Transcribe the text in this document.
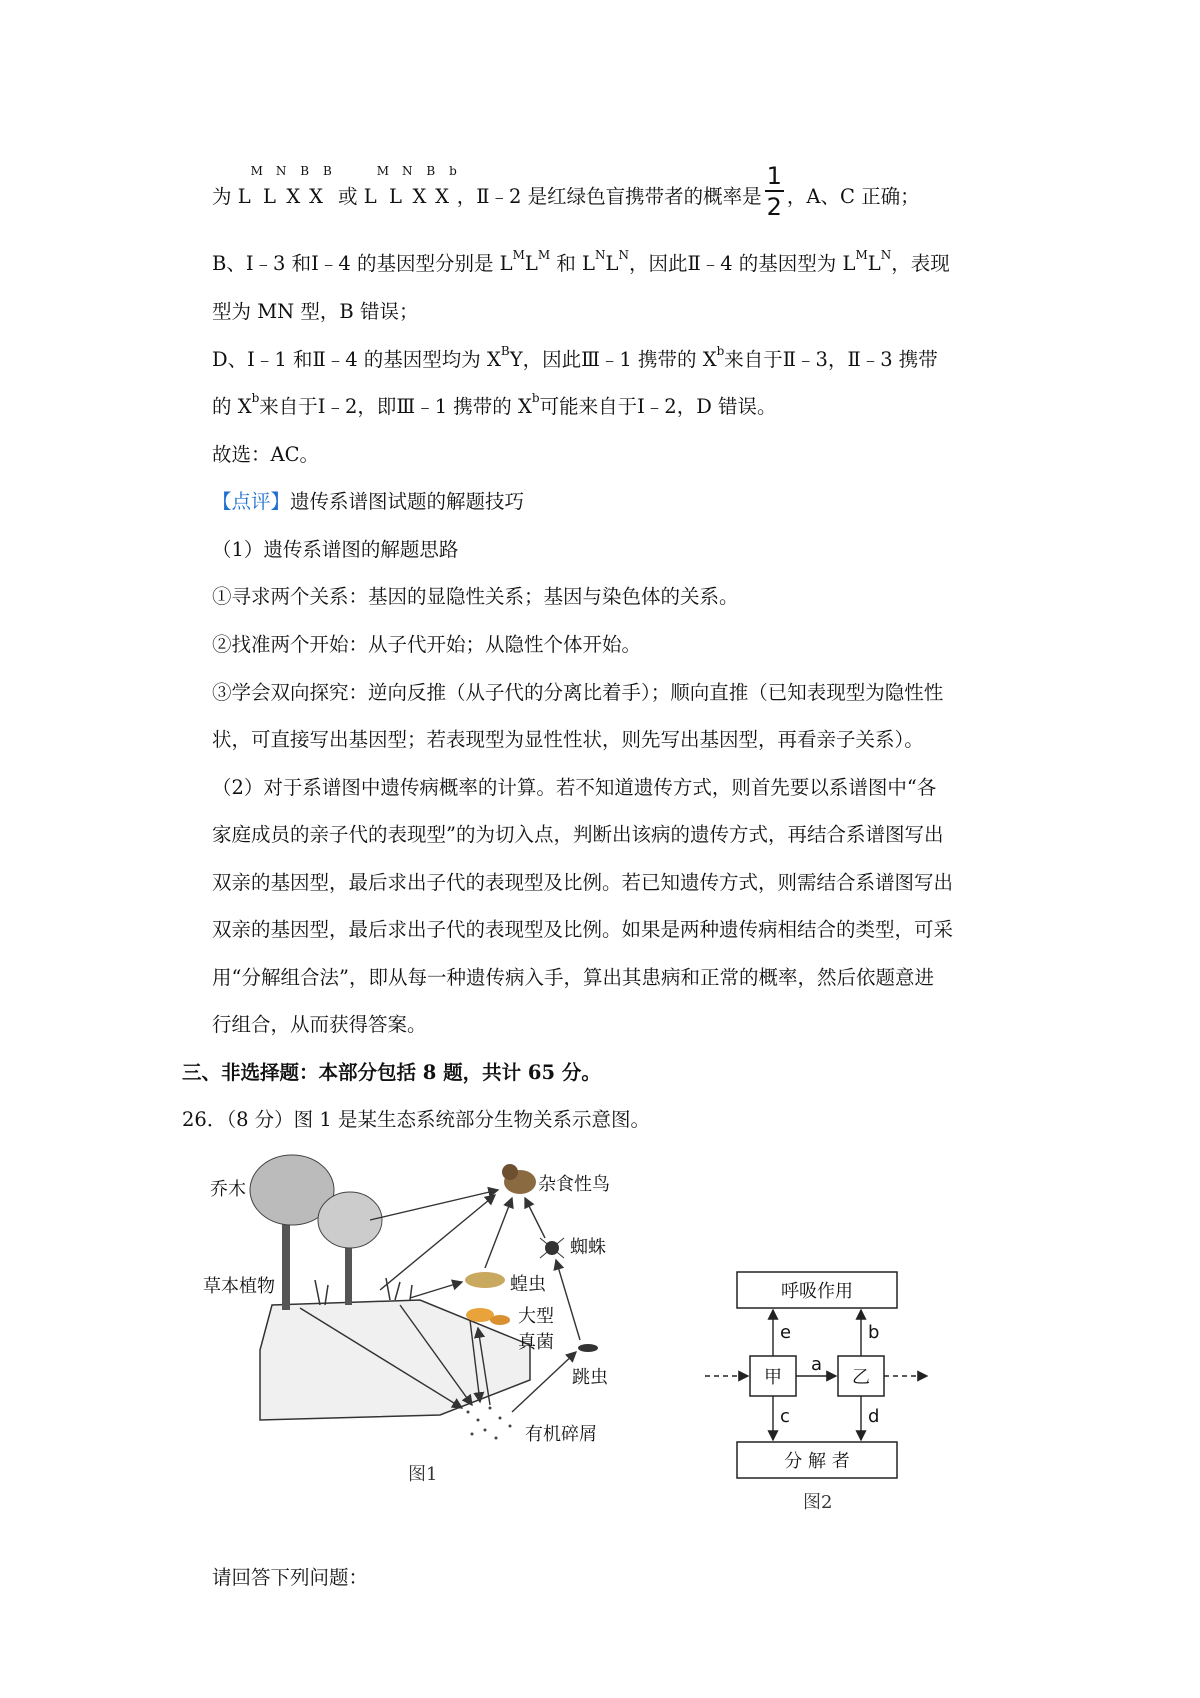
为 $L^ML^NX^BX^B$ 或 $L^ML^NX^BX^b$，Ⅱ﹣2 是红绿色盲携带者的概率是 $\frac{1}{2}$ ，A、C 正确；
B、Ⅰ﹣3 和Ⅰ﹣4 的基因型分别是 $L^ML^M$ 和 $L^NL^N$，因此Ⅱ﹣4 的基因型为 $L^ML^N$，表现
型为 MN 型，B 错误；
D、Ⅰ﹣1 和Ⅱ﹣4 的基因型均为 $X^BY$，因此Ⅲ﹣1 携带的 $X^b$来自于Ⅱ﹣3，Ⅱ﹣3 携带
的 $X^b$来自于Ⅰ﹣2，即Ⅲ﹣1 携带的 $X^b$可能来自于Ⅰ﹣2，D 错误。
故选：AC。
【点评】遗传系谱图试题的解题技巧
（1）遗传系谱图的解题思路
①寻求两个关系：基因的显隐性关系；基因与染色体的关系。
②找准两个开始：从子代开始；从隐性个体开始。
③学会双向探究：逆向反推（从子代的分离比着手）；顺向直推（已知表现型为隐性性
状，可直接写出基因型；若表现型为显性性状，则先写出基因型，再看亲子关系）。
（2）对于系谱图中遗传病概率的计算。若不知道遗传方式，则首先要以系谱图中“各
家庭成员的亲子代的表现型”的为切入点，判断出该病的遗传方式，再结合系谱图写出
双亲的基因型，最后求出子代的表现型及比例。若已知遗传方式，则需结合系谱图写出
双亲的基因型，最后求出子代的表现型及比例。如果是两种遗传病相结合的类型，可采
用“分解组合法”，即从每一种遗传病入手，算出其患病和正常的概率，然后依题意进
行组合，从而获得答案。
三、非选择题：本部分包括 8 题，共计 65 分。
26．（8 分）图 1 是某生态系统部分生物关系示意图。
乔木
草本植物
杂食性鸟
蜘蛛
蝗虫
大型
真菌
跳虫
有机碎屑
图1
呼吸作用
甲	乙
分 解 者
a
e	b
c	d
图2
请回答下列问题：
